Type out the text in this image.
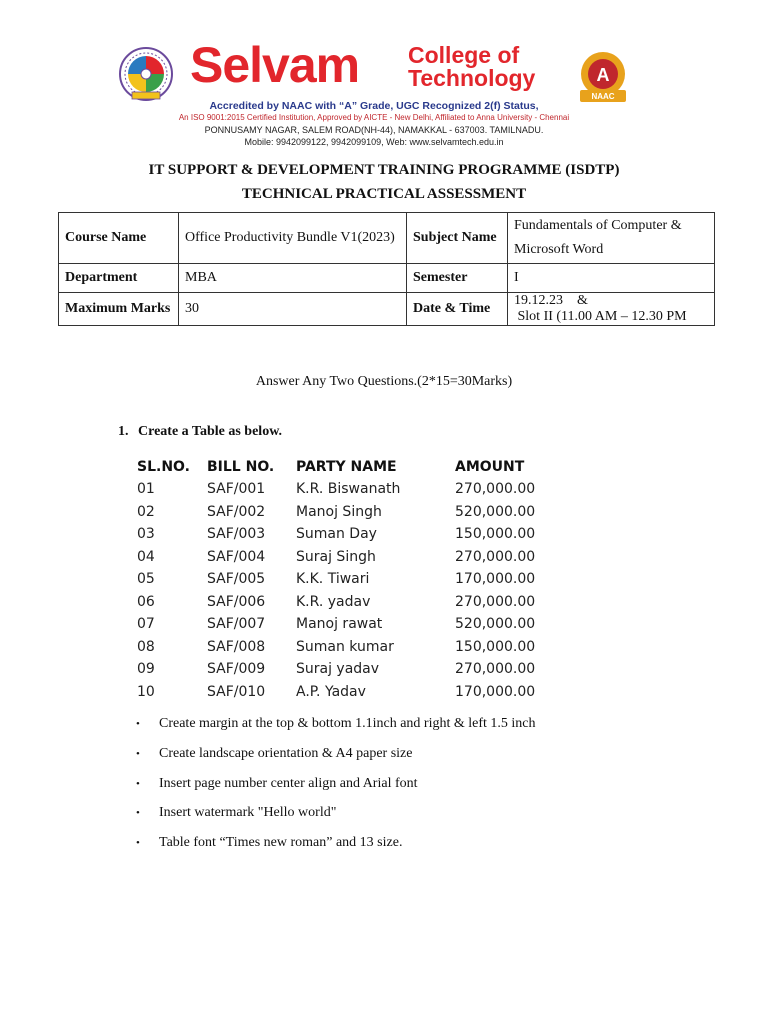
Selvam College of
Technology	A
NAAC
Accredited by NAAC with “A” Grade, UGC Recognized 2(f) Status,
An ISO 9001:2015 Certified Institution, Approved by AICTE - New Delhi, Affiliated to Anna University - Chennai
PONNUSAMY NAGAR, SALEM ROAD(NH-44), NAMAKKAL - 637003. TAMILNADU.
Mobile: 9942099122, 9942099109, Web: www.selvamtech.edu.in
IT SUPPORT & DEVELOPMENT TRAINING PROGRAMME (ISDTP)
TECHNICAL PRACTICAL ASSESSMENT
Course Name	Office Productivity Bundle V1(2023)	Subject Name	Fundamentals of Computer &
Microsoft Word

Department	MBA	Semester	I
Maximum Marks	30	Date & Time	19.12.23    &
Slot II (11.00 AM – 12.30 PM
Answer Any Two Questions.(2*15=30Marks)
1. Create a Table as below.
SL.NO.	BILL NO.	PARTY NAME	AMOUNT
01	SAF/001	K.R. Biswanath	270,000.00
02	SAF/002	Manoj Singh	520,000.00
03	SAF/003	Suman Day	150,000.00
04	SAF/004	Suraj Singh	270,000.00
05	SAF/005	K.K. Tiwari	170,000.00
06	SAF/006	K.R. yadav	270,000.00
07	SAF/007	Manoj rawat	520,000.00
08	SAF/008	Suman kumar	150,000.00
09	SAF/009	Suraj yadav	270,000.00
10	SAF/010	A.P. Yadav	170,000.00
• Create margin at the top & bottom 1.1inch and right & left 1.5 inch
• Create landscape orientation & A4 paper size
• Insert page number center align and Arial font
• Insert watermark "Hello world"
• Table font “Times new roman” and 13 size.
